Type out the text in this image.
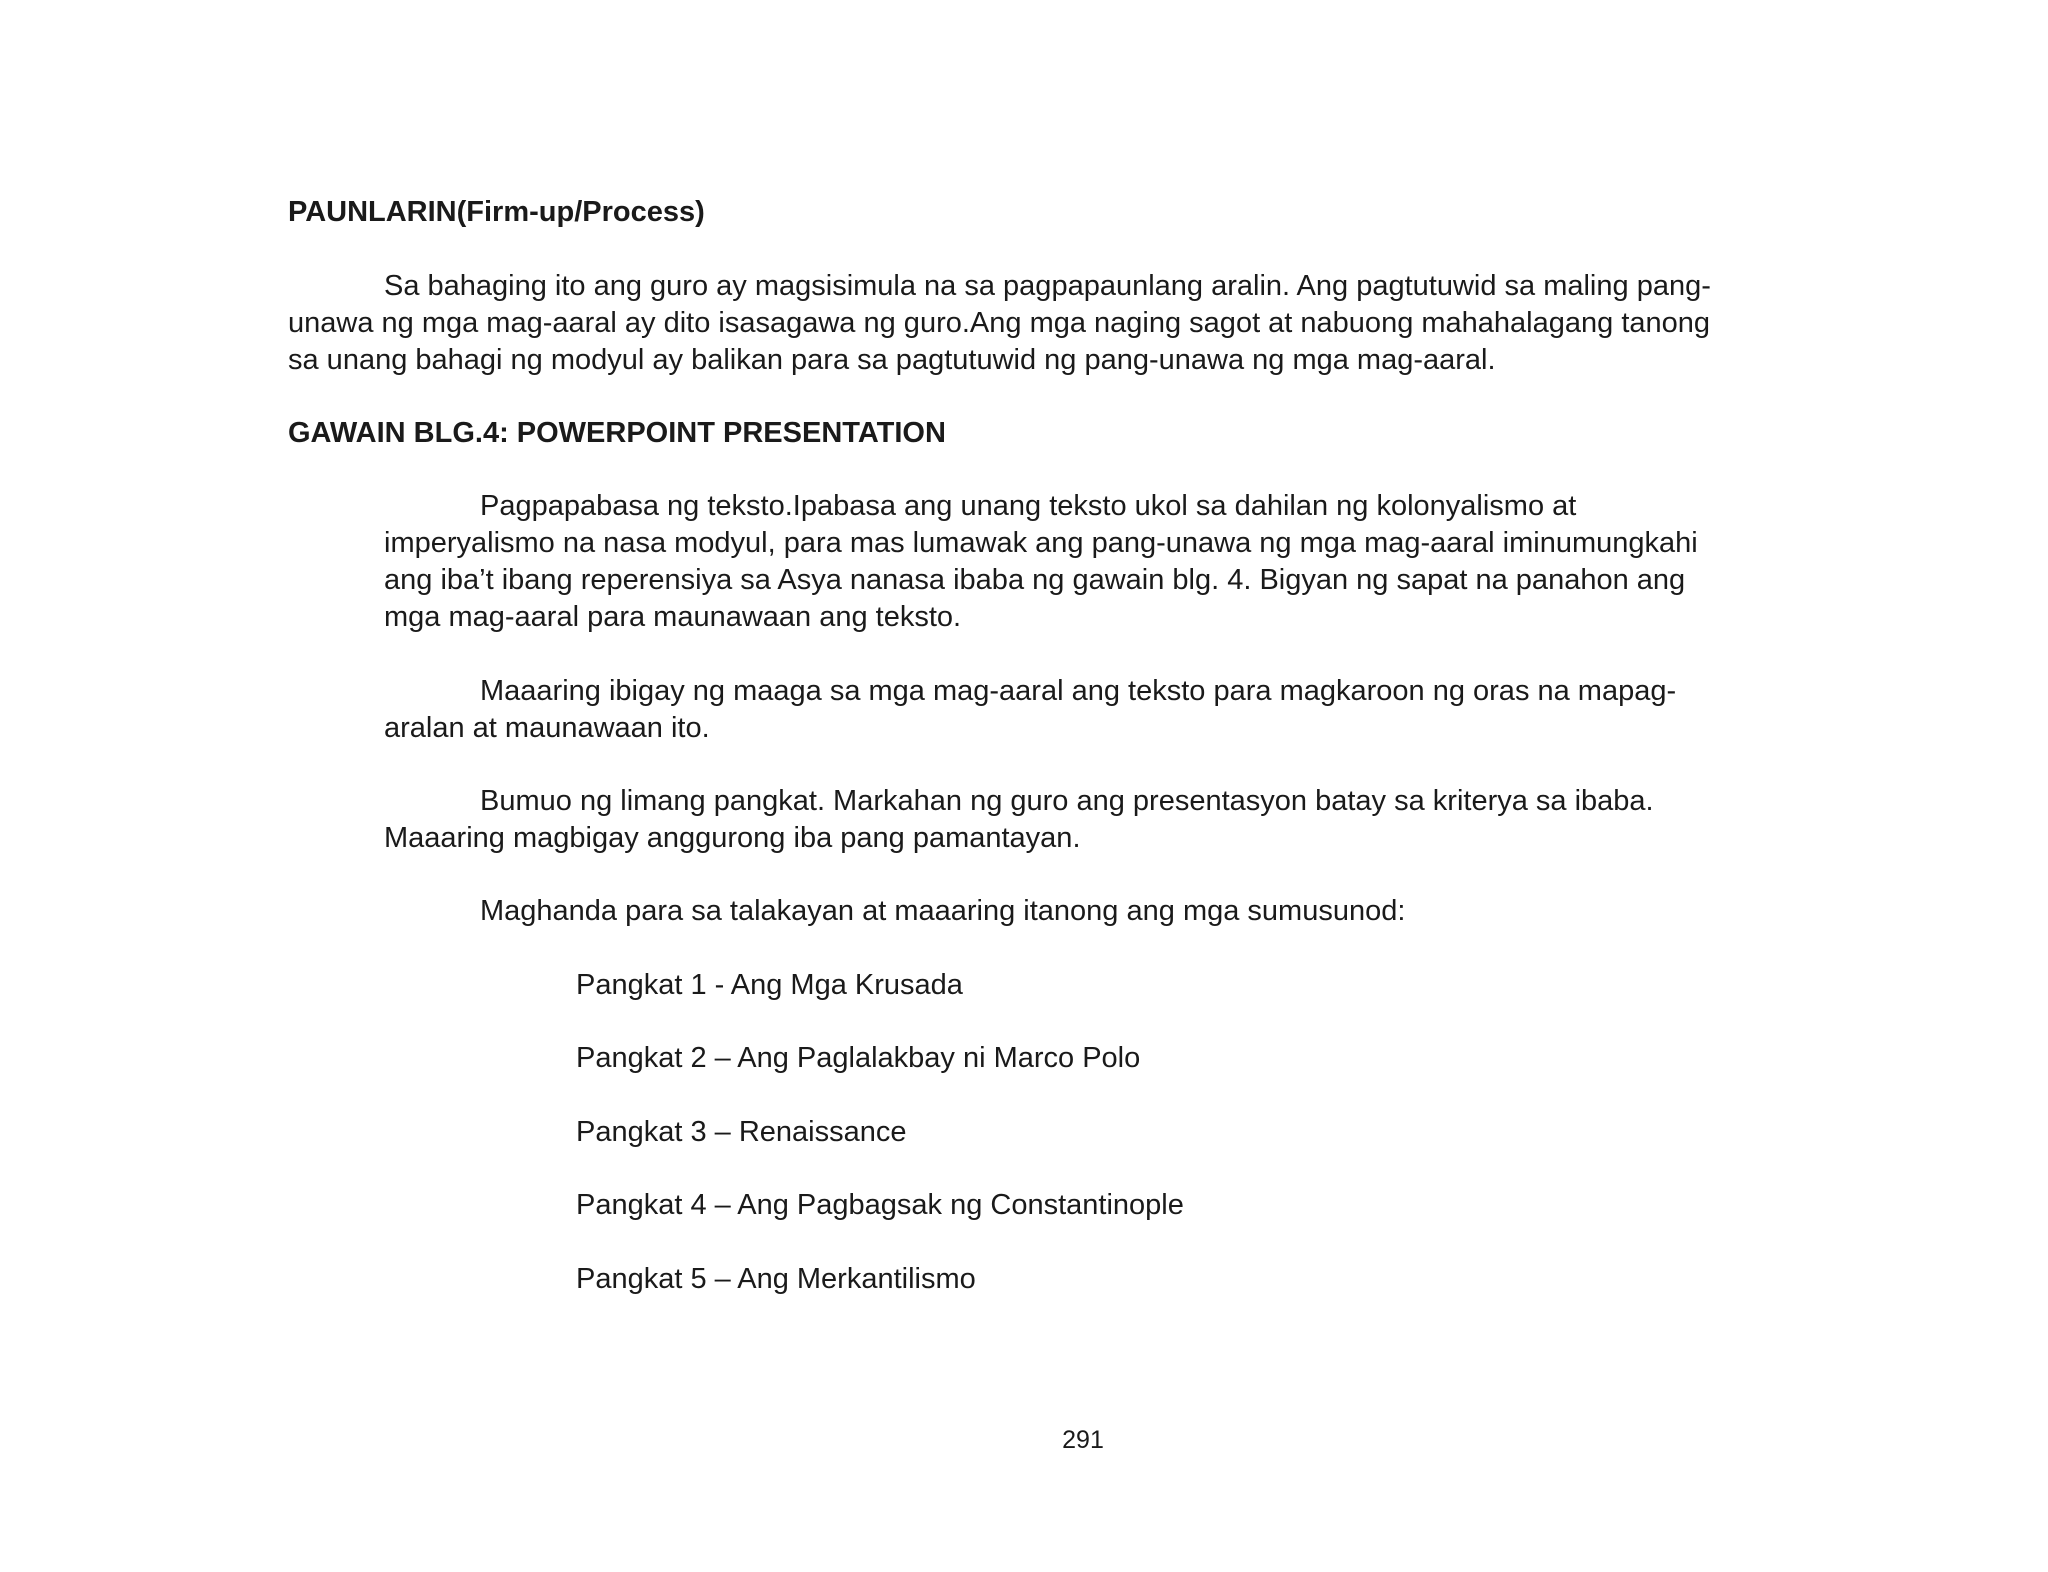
PAUNLARIN(Firm-up/Process)

Sa bahaging ito ang guro ay magsisimula na sa pagpapaunlang aralin. Ang pagtutuwid sa maling pang-
unawa ng mga mag-aaral ay dito isasagawa ng guro.Ang mga naging sagot at nabuong mahahalagang tanong
sa unang bahagi ng modyul ay balikan para sa pagtutuwid ng pang-unawa ng mga mag-aaral.

GAWAIN BLG.4: POWERPOINT PRESENTATION

Pagpapabasa ng teksto.Ipabasa ang unang teksto ukol sa dahilan ng kolonyalismo at
imperyalismo na nasa modyul, para mas lumawak ang pang-unawa ng mga mag-aaral iminumungkahi
ang iba’t ibang reperensiya sa Asya nanasa ibaba ng gawain blg. 4. Bigyan ng sapat na panahon ang
mga mag-aaral para maunawaan ang teksto.

Maaaring ibigay ng maaga sa mga mag-aaral ang teksto para magkaroon ng oras na mapag-
aralan at maunawaan ito.

Bumuo ng limang pangkat. Markahan ng guro ang presentasyon batay sa kriterya sa ibaba.
Maaaring magbigay anggurong iba pang pamantayan.

Maghanda para sa talakayan at maaaring itanong ang mga sumusunod:

Pangkat 1 - Ang Mga Krusada

Pangkat 2 – Ang Paglalakbay ni Marco Polo

Pangkat 3 – Renaissance

Pangkat 4 – Ang Pagbagsak ng Constantinople

Pangkat 5 – Ang Merkantilismo

291
